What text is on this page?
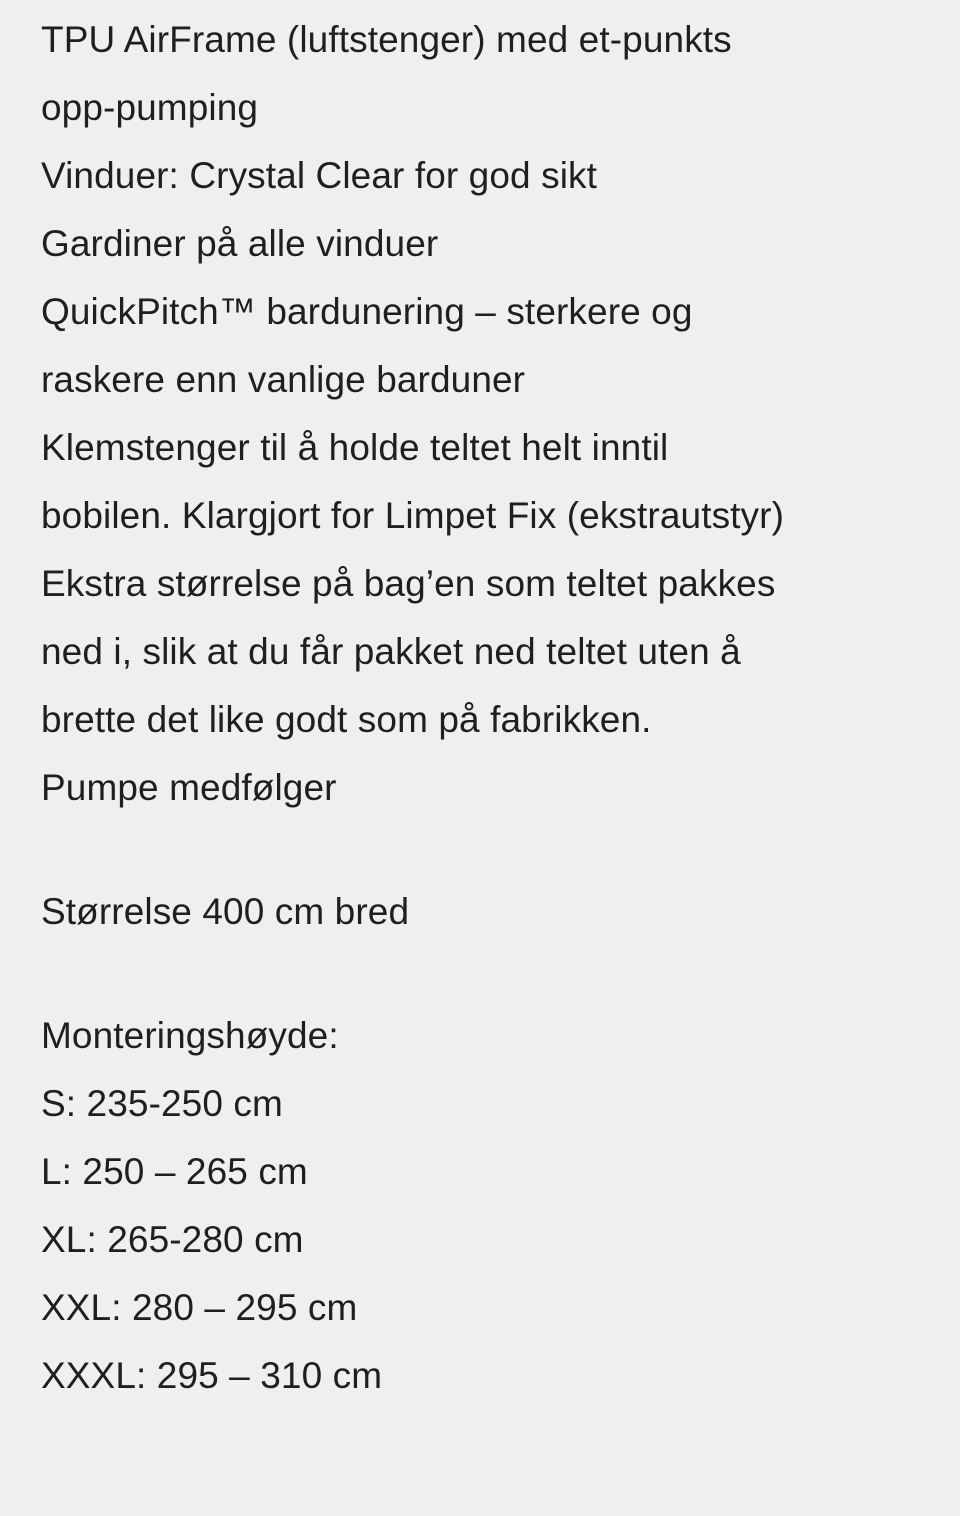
TPU AirFrame (luftstenger) med et-punkts

opp-pumping

Vinduer: Crystal Clear for god sikt

Gardiner på alle vinduer

QuickPitch™ bardunering – sterkere og

raskere enn vanlige barduner

Klemstenger til å holde teltet helt inntil

bobilen. Klargjort for Limpet Fix (ekstrautstyr)

Ekstra størrelse på bag’en som teltet pakkes

ned i, slik at du får pakket ned teltet uten å

brette det like godt som på fabrikken.

Pumpe medfølger

Størrelse 400 cm bred

Monteringshøyde:

S: 235-250 cm

L: 250 – 265 cm

XL: 265-280 cm

XXL: 280 – 295 cm

XXXL: 295 – 310 cm
